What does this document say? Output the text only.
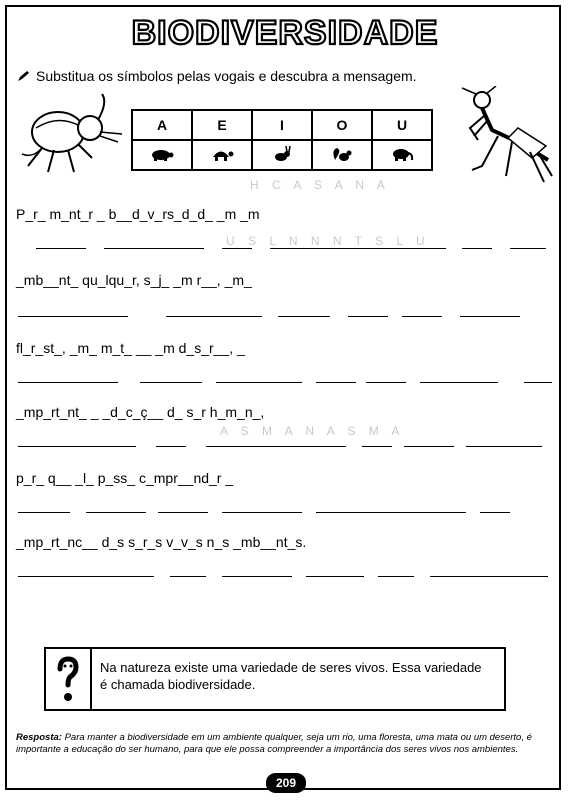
BIODIVERSIDADE
Substitua os símbolos pelas vogais e descubra a mensagem.
A	E	I	O	U

H C A S A N A
U S L N N N T S L U
A S M A N A S M A
P_r_ m_nt_r _ b__d_v_rs_d_d_ _m _m
_mb__nt_ qu_lqu_r, s_j_ _m r__, _m_
fl_r_st_, _m_ m_t_ __ _m d_s_r__, _
_mp_rt_nt_ _ _d_c_ç__ d_ s_r h_m_n_,
p_r_ q__ _l_ p_ss_ c_mpr__nd_r _
_mp_rt_nc__ d_s s_r_s v_v_s n_s _mb__nt_s.
Na natureza existe uma variedade de seres vivos. Essa variedade
é chamada biodiversidade.
Resposta: Para manter a biodiversidade em um ambiente qualquer, seja um rio, uma floresta, uma mata ou um deserto, é importante a educação do ser humano, para que ele possa compreender a importância dos seres vivos nos ambientes.
209
